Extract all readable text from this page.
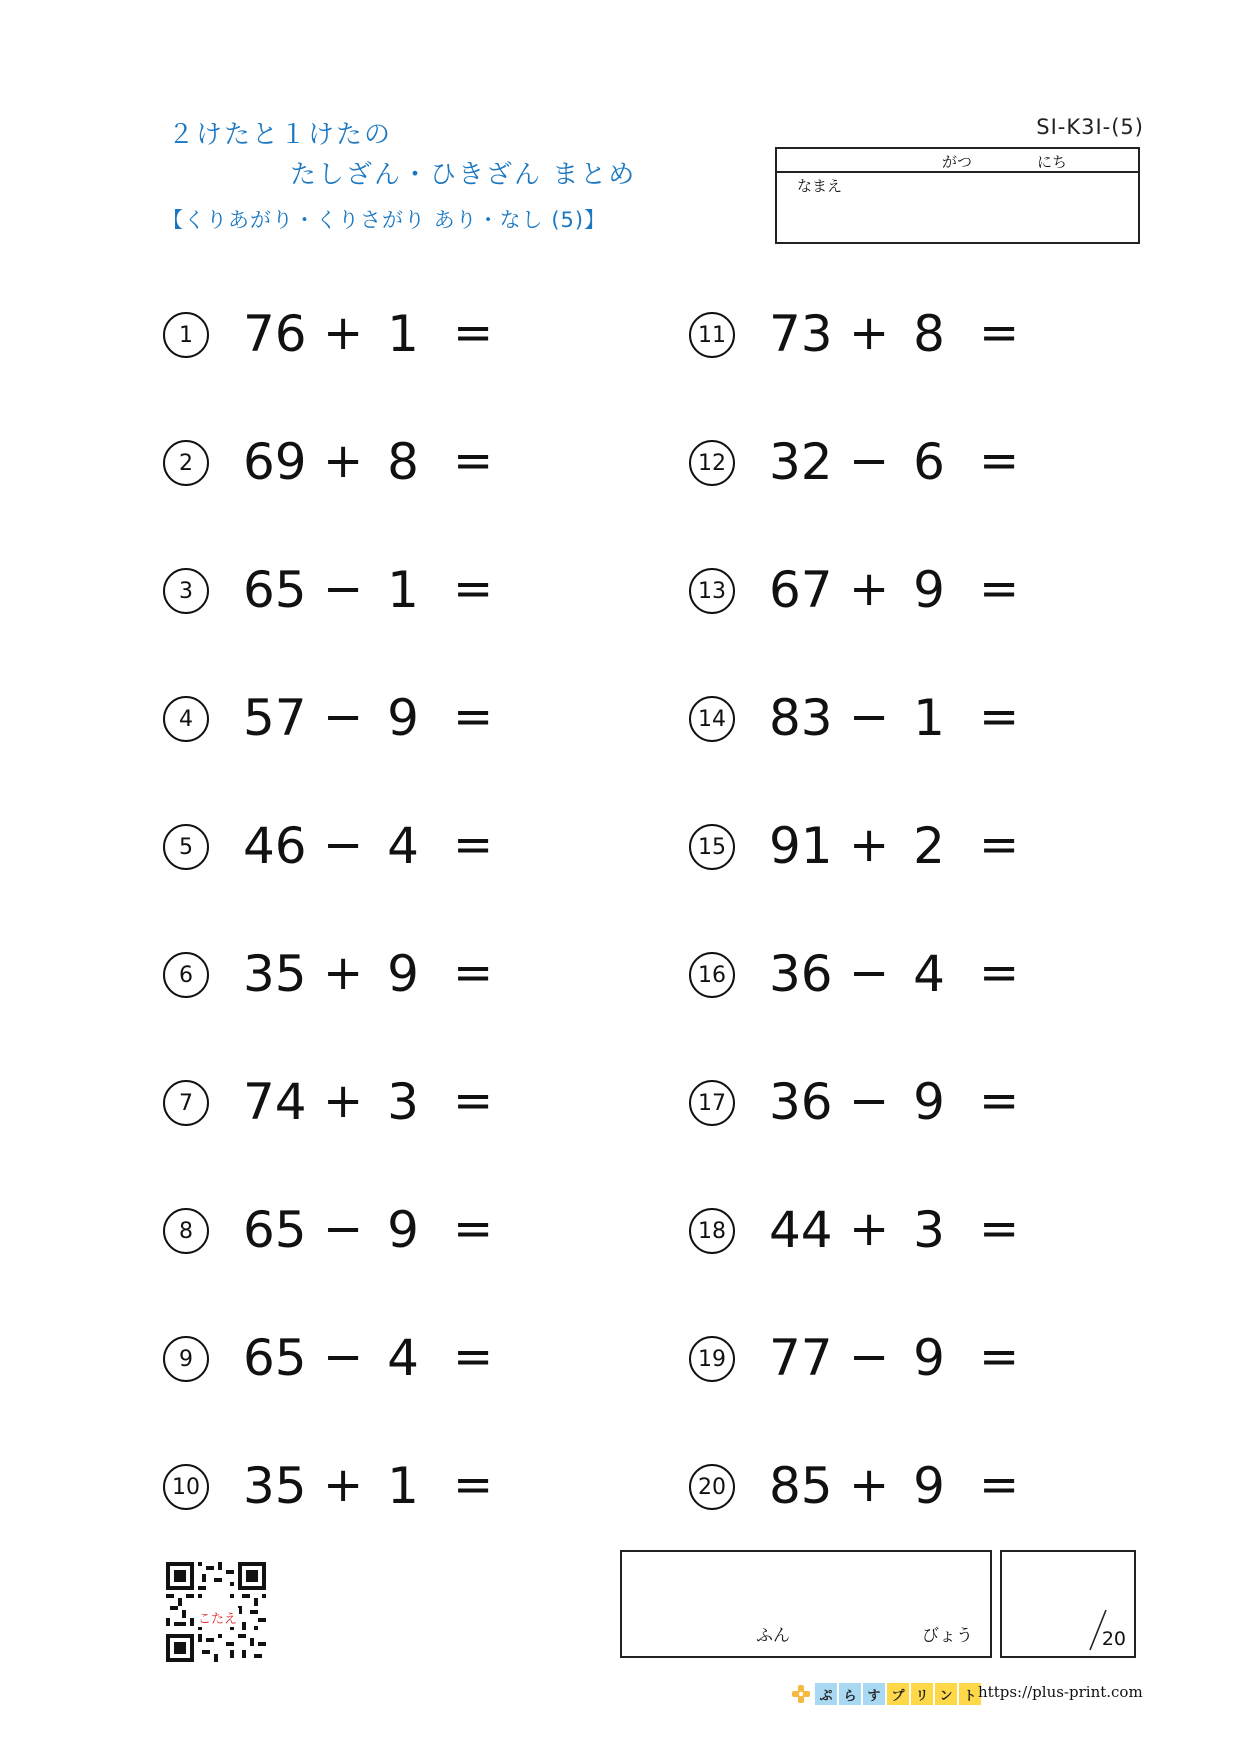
２けたと１けたの
たしざん・ひきざん まとめ
【くりあがり・くりさがり あり・なし (5)】
SI-K3I-(5)
がつ	にち
なまえ
1	76 + 1 =
2	69 + 8 =
3	65 − 1 =
4	57 − 9 =
5	46 − 4 =
6	35 + 9 =
7	74 + 3 =
8	65 − 9 =
9	65 − 4 =
10 35 + 1 =
11 73 + 8 =
12 32 − 6 =
13 67 + 9 =
14 83 − 1 =
15 91 + 2 =
16 36 − 4 =
17 36 − 9 =
18 44 + 3 =
19 77 − 9 =
20 85 + 9 =
こたえ
ふん	びょう	20
ぷ ら す プ リ ン ト https://plus-print.com
